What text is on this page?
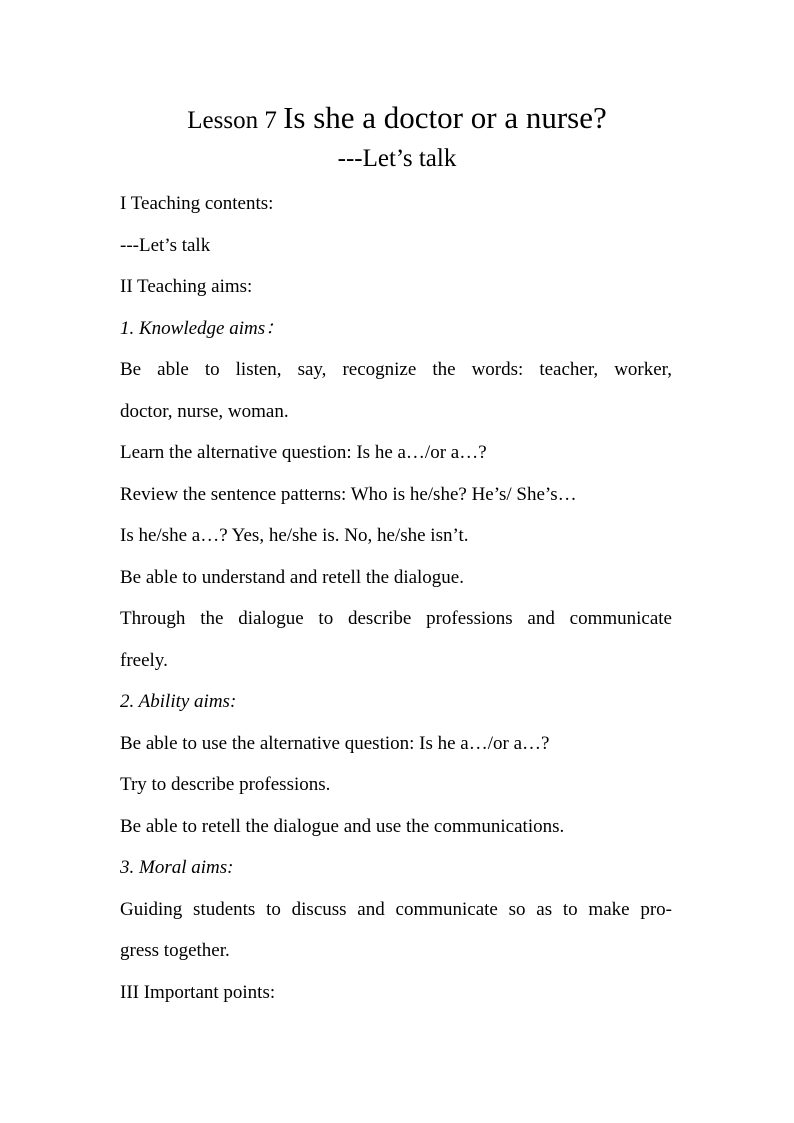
Lesson 7 Is she a doctor or a nurse?
---Let’s talk
I Teaching contents:
---Let’s talk
II Teaching aims:
1. Knowledge aims：
Be able to listen, say, recognize the words: teacher, worker,
doctor, nurse, woman.
Learn the alternative question: Is he a…/or a…?
Review the sentence patterns: Who is he/she? He’s/ She’s…
Is he/she a…? Yes, he/she is. No, he/she isn’t.
Be able to understand and retell the dialogue.
Through the dialogue to describe professions and communicate
freely.
2. Ability aims:
Be able to use the alternative question: Is he a…/or a…?
Try to describe professions.
Be able to retell the dialogue and use the communications.
3. Moral aims:
Guiding students to discuss and communicate so as to make pro-
gress together.
III Important points:
